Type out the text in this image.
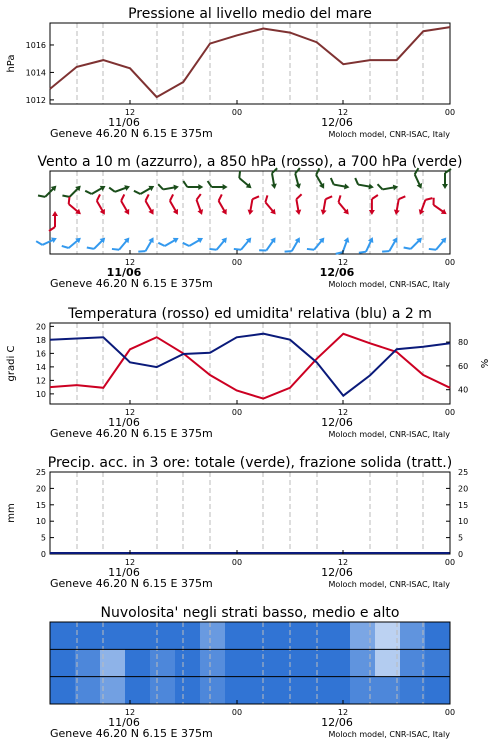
Pressione al livello medio del mare
1012
1014
1016
hPa
12	00	12	00
11/06	12/06
Geneve 46.20 N 6.15 E 375m	Moloch model, CNR-ISAC, Italy
Vento a 10 m (azzurro), a 850 hPa (rosso), a 700 hPa (verde)
12	00	12	00
11/06	12/06
Geneve 46.20 N 6.15 E 375m	Moloch model, CNR-ISAC, Italy
Temperatura (rosso) ed umidita' relativa (blu) a 2 m
10
12
14
16
18
20
40
60
80
gradi C	%
12	00	12	00
11/06	12/06
Geneve 46.20 N 6.15 E 375m	Moloch model, CNR-ISAC, Italy
Precip. acc. in 3 ore: totale (verde), frazione solida (tratt.)
0
5
10
15
20
25
0
5
10
15
20
25
mm
12	00	12	00
11/06	12/06
Geneve 46.20 N 6.15 E 375m	Moloch model, CNR-ISAC, Italy
Nuvolosita' negli strati basso, medio e alto
12	00	12	00
11/06	12/06
Geneve 46.20 N 6.15 E 375m	Moloch model, CNR-ISAC, Italy
